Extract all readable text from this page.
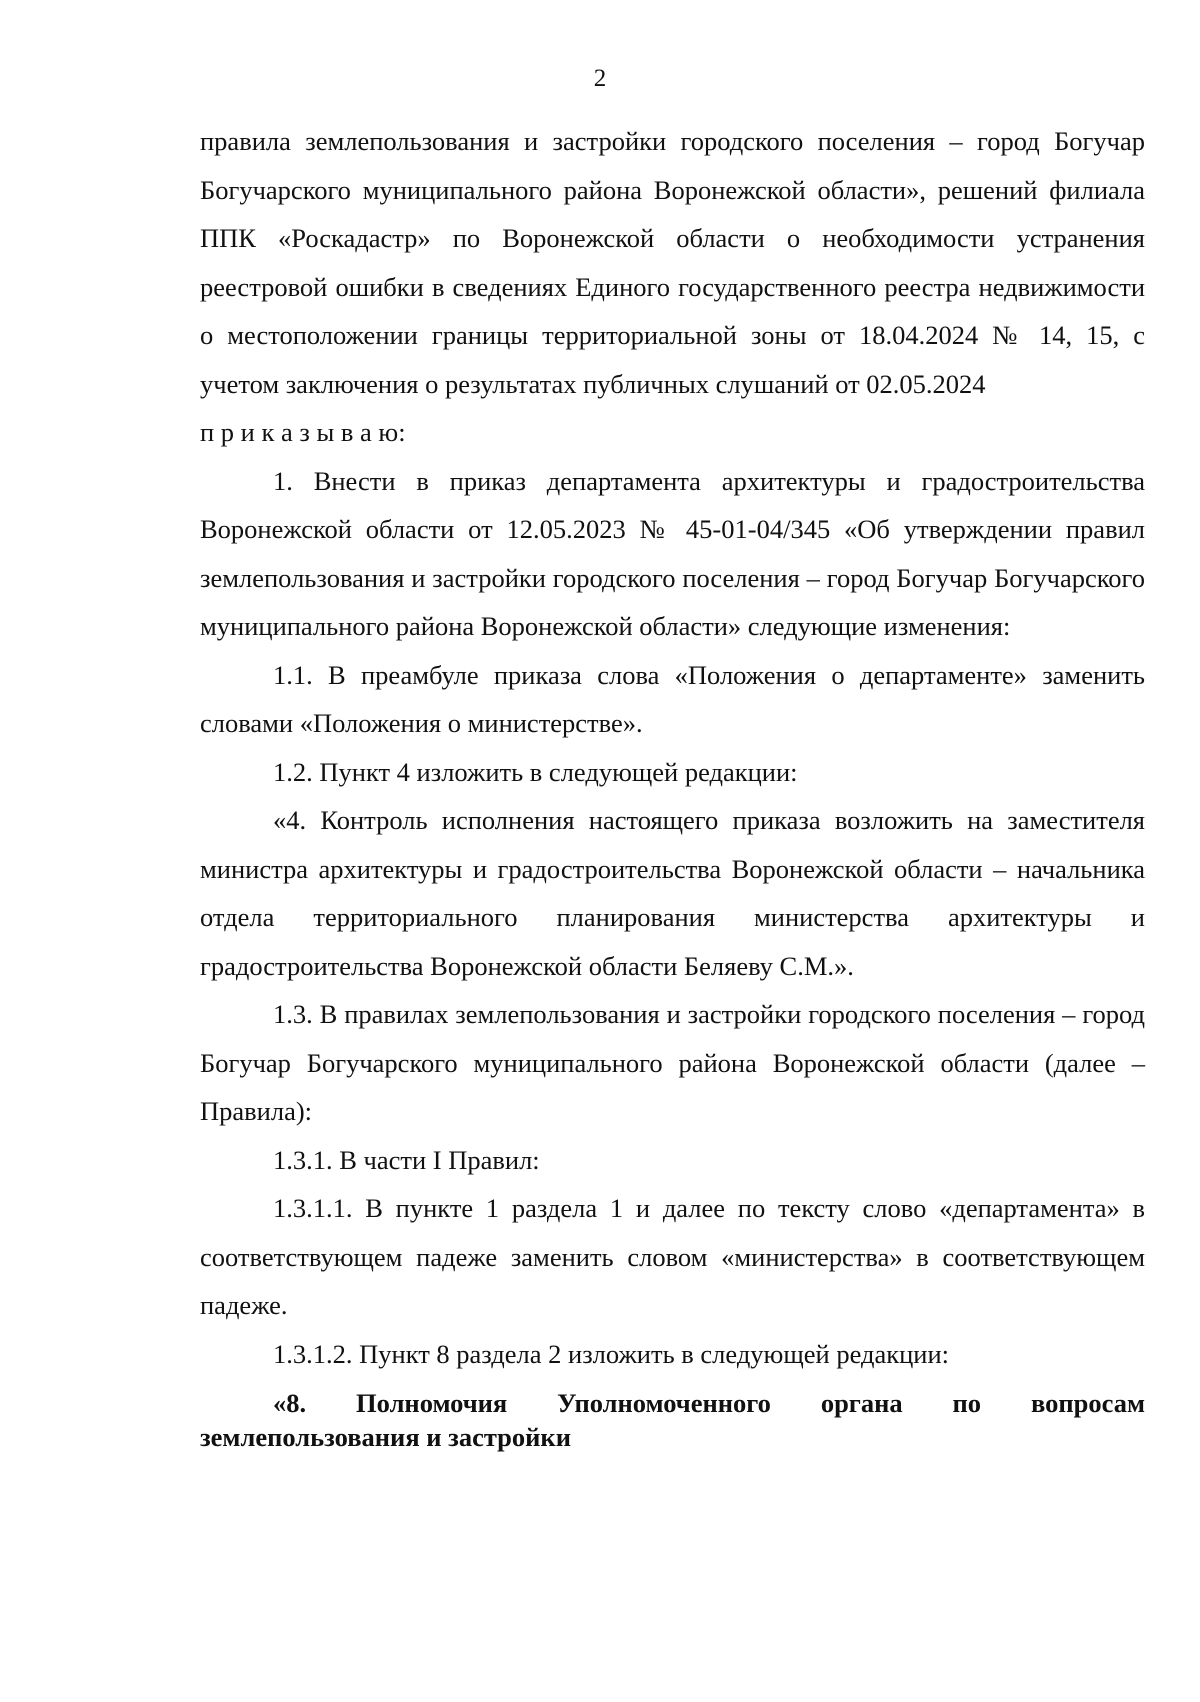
2

правила землепользования и застройки городского поселения – город Богучар Богучарского муниципального района Воронежской области», решений филиала ППК «Роскадастр» по Воронежской области о необходимости устранения реестровой ошибки в сведениях Единого государственного реестра недвижимости о местоположении границы территориальной зоны от 18.04.2024 № 14, 15, с учетом заключения о результатах публичных слушаний от 02.05.2024

п р и к а з ы в а ю:

1. Внести в приказ департамента архитектуры и градостроительства Воронежской области от 12.05.2023 № 45-01-04/345 «Об утверждении правил землепользования и застройки городского поселения – город Богучар Богучарского муниципального района Воронежской области» следующие изменения:

1.1. В преамбуле приказа слова «Положения о департаменте» заменить словами «Положения о министерстве».

1.2. Пункт 4 изложить в следующей редакции:

«4. Контроль исполнения настоящего приказа возложить на заместителя министра архитектуры и градостроительства Воронежской области – начальника отдела территориального планирования министерства архитектуры и градостроительства Воронежской области Беляеву С.М.».

1.3. В правилах землепользования и застройки городского поселения – город Богучар Богучарского муниципального района Воронежской области (далее – Правила):

1.3.1. В части I Правил:

1.3.1.1. В пункте 1 раздела 1 и далее по тексту слово «департамента» в соответствующем падеже заменить словом «министерства» в соответствующем падеже.

1.3.1.2. Пункт 8 раздела 2 изложить в следующей редакции:

«8. Полномочия Уполномоченного органа по вопросам землепользования и застройки
